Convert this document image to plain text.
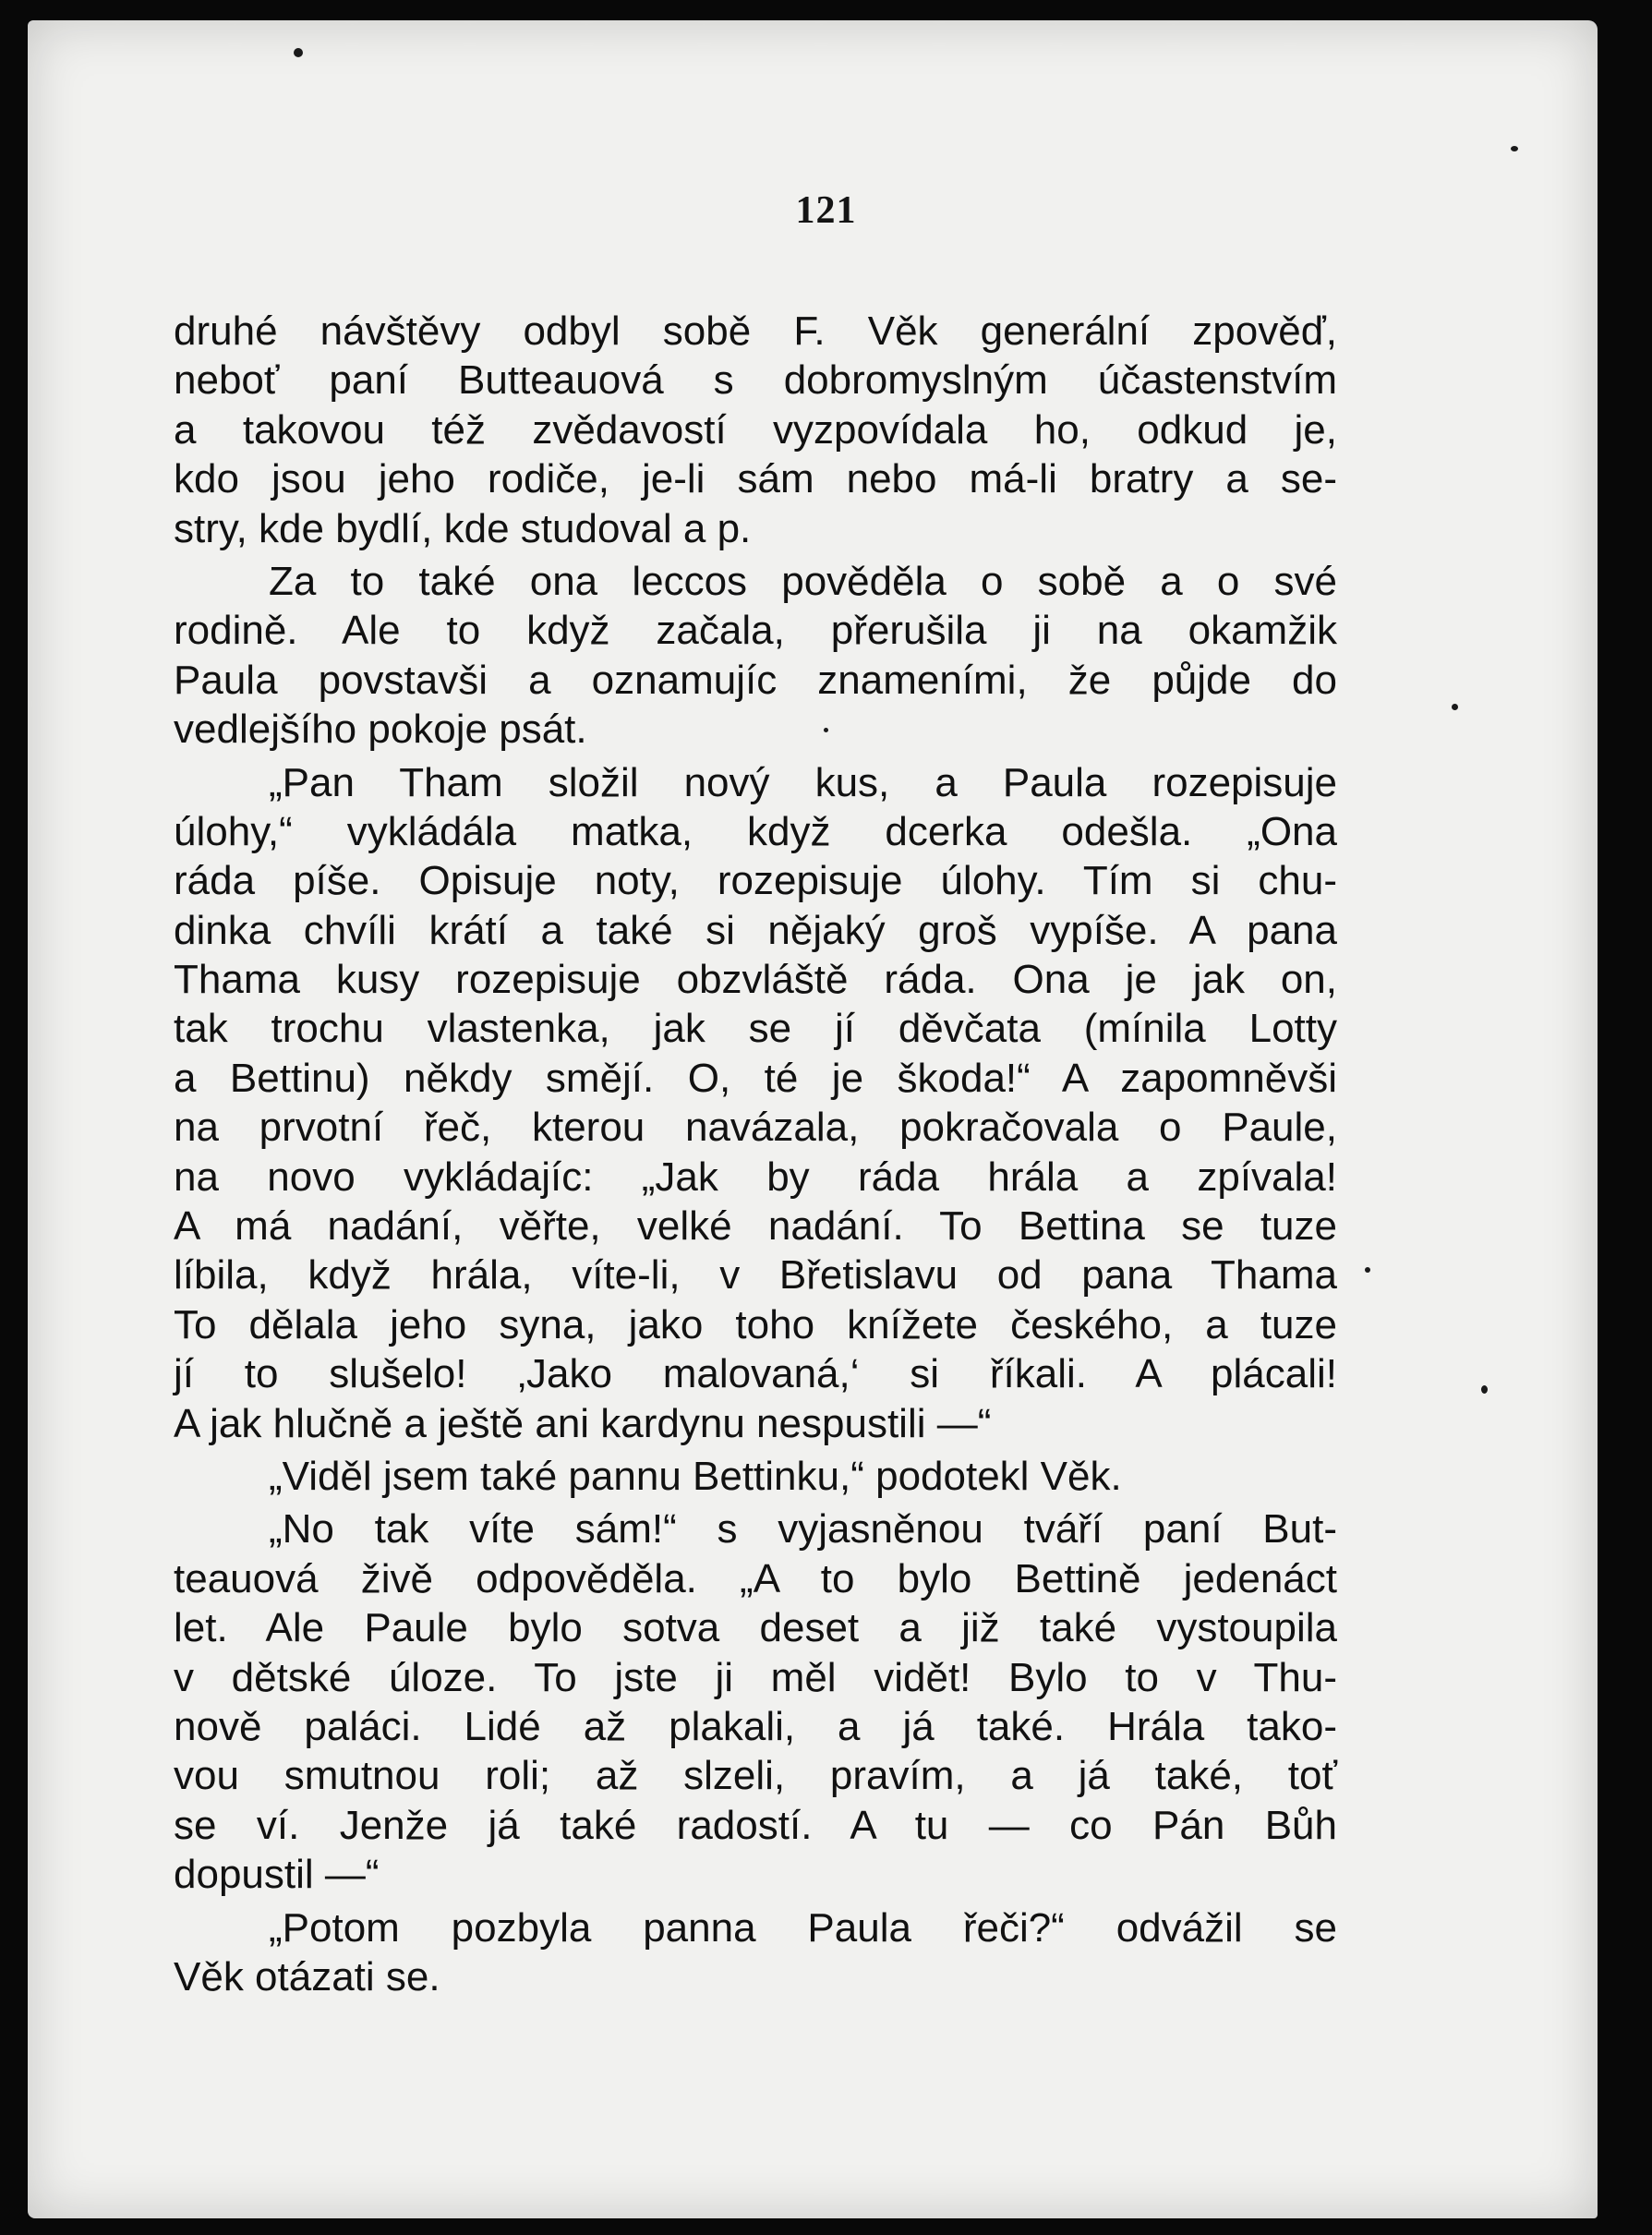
121
druhé návštěvy odbyl sobě F. Věk generální zpověď,
neboť paní Butteauová s dobromyslným účastenstvím
a takovou též zvědavostí vyzpovídala ho, odkud je,
kdo jsou jeho rodiče, je-li sám nebo má-li bratry a se-
stry, kde bydlí, kde studoval a p.
Za to také ona leccos pověděla o sobě a o své
rodině. Ale to když začala, přerušila ji na okamžik
Paula povstavši a oznamujíc znameními, že půjde do
vedlejšího pokoje psát.
„Pan Tham složil nový kus, a Paula rozepisuje
úlohy,“ vykládála matka, když dcerka odešla. „Ona
ráda píše. Opisuje noty, rozepisuje úlohy. Tím si chu-
dinka chvíli krátí a také si nějaký groš vypíše. A pana
Thama kusy rozepisuje obzvláště ráda. Ona je jak on,
tak trochu vlastenka, jak se jí děvčata (mínila Lotty
a Bettinu) někdy smějí. O, té je škoda!“ A zapomněvši
na prvotní řeč, kterou navázala, pokračovala o Paule,
na novo vykládajíc: „Jak by ráda hrála a zpívala!
A má nadání, věřte, velké nadání. To Bettina se tuze
líbila, když hrála, víte-li, v Břetislavu od pana Thama
To dělala jeho syna, jako toho knížete českého, a tuze
jí to slušelo! ‚Jako malovaná,‘ si říkali. A plácali!
A jak hlučně a ještě ani kardynu nespustili —“
„Viděl jsem také pannu Bettinku,“ podotekl Věk.
„No tak víte sám!“ s vyjasněnou tváří paní But-
teauová živě odpověděla. „A to bylo Bettině jedenáct
let. Ale Paule bylo sotva deset a již také vystoupila
v dětské úloze. To jste ji měl vidět! Bylo to v Thu-
nově paláci. Lidé až plakali, a já také. Hrála tako-
vou smutnou roli; až slzeli, pravím, a já také, toť
se ví. Jenže já také radostí. A tu — co Pán Bůh
dopustil —“
„Potom pozbyla panna Paula řeči?“ odvážil se
Věk otázati se.
